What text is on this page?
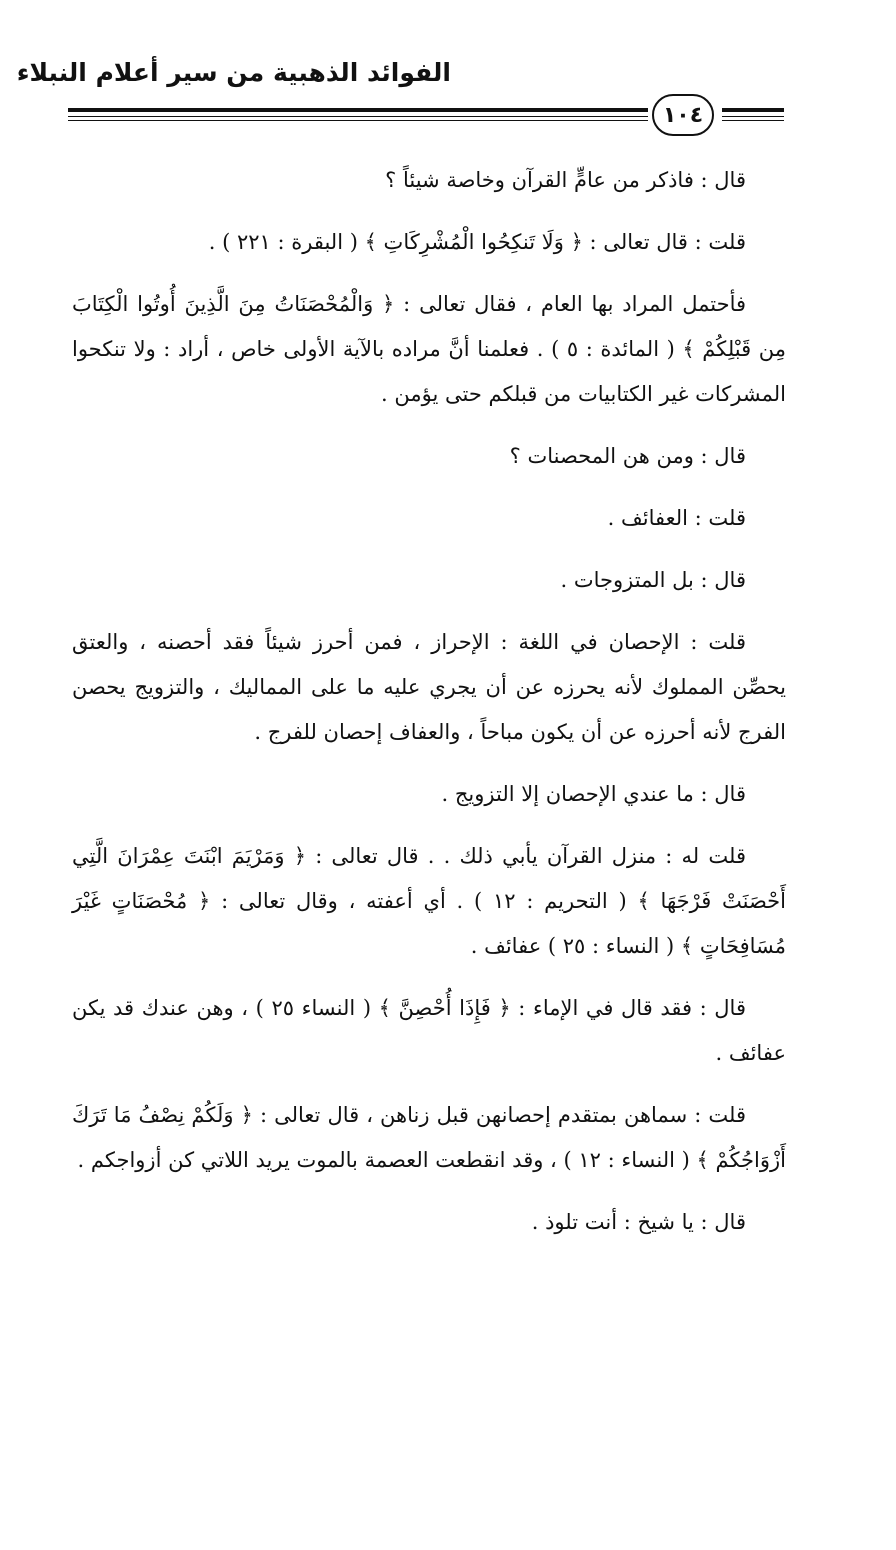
الفوائد الذهبية من سير أعلام النبلاء
١٠٤

قال : فاذكر من عامٍّ القرآن وخاصة شيئاً ؟

قلت : قال تعالى : ﴿ وَلَا تَنكِحُوا الْمُشْرِكَاتِ ﴾ ( البقرة : ٢٢١ ) .

فأحتمل المراد بها العام ، فقال تعالى : ﴿ وَالْمُحْصَنَاتُ مِنَ الَّذِينَ أُوتُوا الْكِتَابَ مِن قَبْلِكُمْ ﴾ ( المائدة : ٥ ) . فعلمنا أنَّ مراده بالآية الأولى خاص ، أراد : ولا تنكحوا المشركات غير الكتابيات من قبلكم حتى يؤمن .

قال : ومن هن المحصنات ؟

قلت : العفائف .

قال : بل المتزوجات .

قلت : الإحصان في اللغة : الإحراز ، فمن أحرز شيئاً فقد أحصنه ، والعتق يحصِّن المملوك لأنه يحرزه عن أن يجري عليه ما على المماليك ، والتزويج يحصن الفرج لأنه أحرزه عن أن يكون مباحاً ، والعفاف إحصان للفرج .

قال : ما عندي الإحصان إلا التزويج .

قلت له : منزل القرآن يأبي ذلك . . قال تعالى : ﴿ وَمَرْيَمَ ابْنَتَ عِمْرَانَ الَّتِي أَحْصَنَتْ فَرْجَهَا ﴾ ( التحريم : ١٢ ) . أي أعفته ، وقال تعالى : ﴿ مُحْصَنَاتٍ غَيْرَ مُسَافِحَاتٍ ﴾ ( النساء : ٢٥ ) عفائف .

قال : فقد قال في الإماء : ﴿ فَإِذَا أُحْصِنَّ ﴾ ( النساء ٢٥ ) ، وهن عندك قد يكن عفائف .

قلت : سماهن بمتقدم إحصانهن قبل زناهن ، قال تعالى : ﴿ وَلَكُمْ نِصْفُ مَا تَرَكَ أَزْوَاجُكُمْ ﴾ ( النساء : ١٢ ) ، وقد انقطعت العصمة بالموت يريد اللاتي كن أزواجكم .

قال : يا شيخ : أنت تلوذ .
